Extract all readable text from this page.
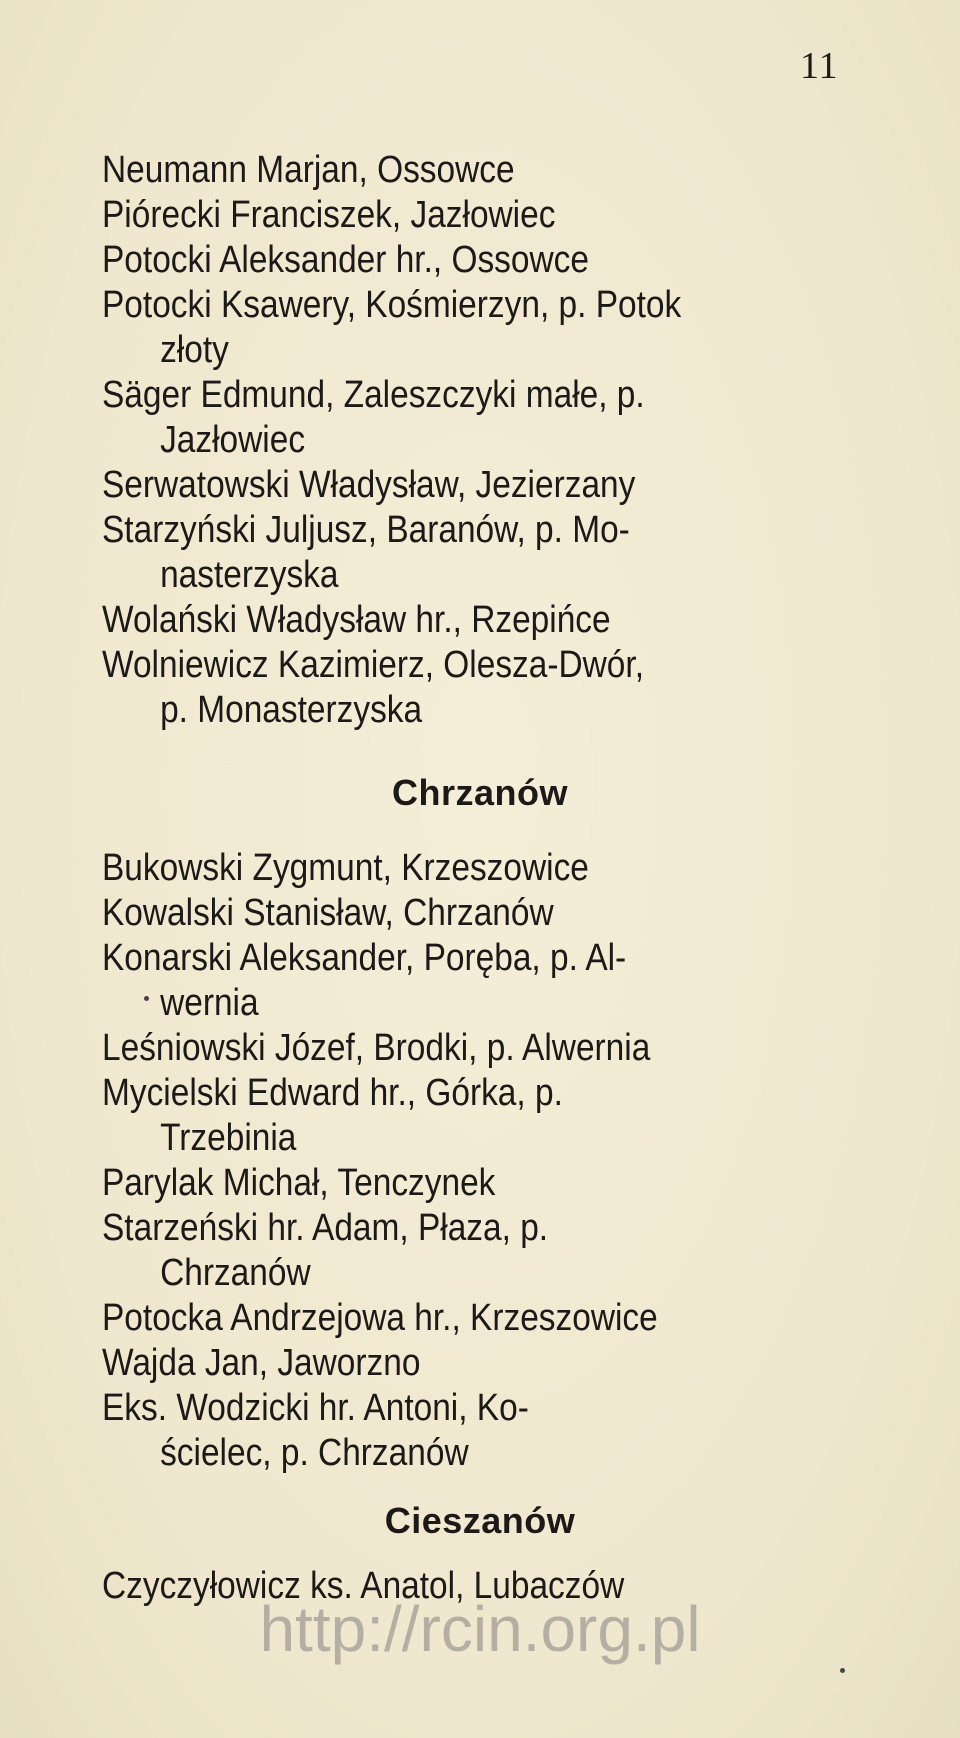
11
Neumann Marjan, Ossowce
Piórecki Franciszek, Jazłowiec
Potocki Aleksander hr., Ossowce
Potocki Ksawery, Kośmierzyn, p. Potok
złoty
Säger Edmund, Zaleszczyki małe, p.
Jazłowiec
Serwatowski Władysław, Jezierzany
Starzyński Juljusz, Baranów, p. Mo-
nasterzyska
Wolański Władysław hr., Rzepińce
Wolniewicz Kazimierz, Olesza-Dwór,
p. Monasterzyska
Chrzanów
Bukowski Zygmunt, Krzeszowice
Kowalski Stanisław, Chrzanów
Konarski Aleksander, Poręba, p. Al-
wernia
Leśniowski Józef, Brodki, p. Alwernia
Mycielski Edward hr., Górka, p.
Trzebinia
Parylak Michał, Tenczynek
Starzeński hr. Adam, Płaza, p.
Chrzanów
Potocka Andrzejowa hr., Krzeszowice
Wajda Jan, Jaworzno
Eks. Wodzicki hr. Antoni, Ko-
ścielec, p. Chrzanów
Cieszanów
Czyczyłowicz ks. Anatol, Lubaczów
http://rcin.org.pl
